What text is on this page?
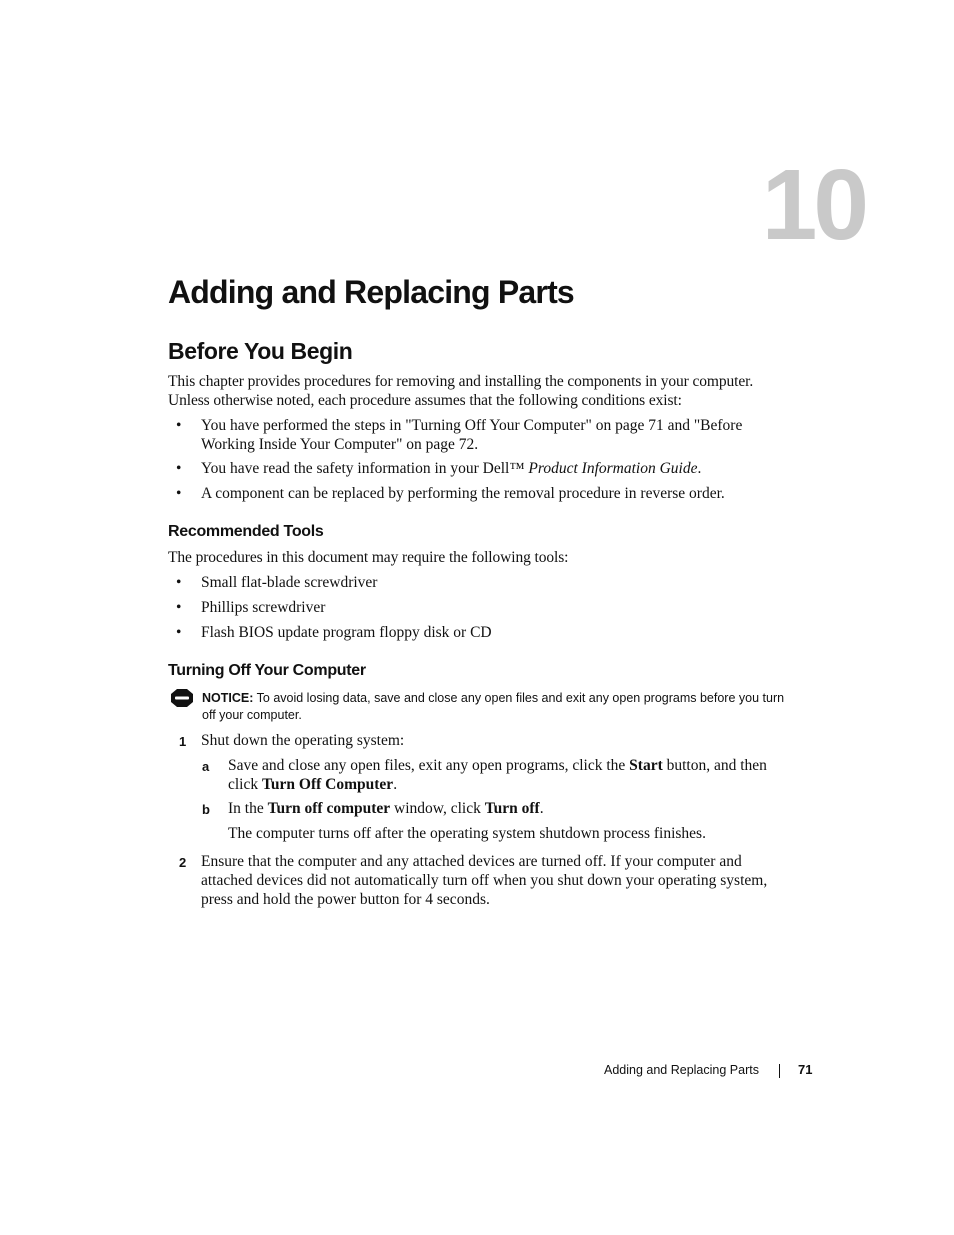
10
Adding and Replacing Parts
Before You Begin

This chapter provides procedures for removing and installing the components in your computer. Unless otherwise noted, each procedure assumes that the following conditions exist:

• You have performed the steps in "Turning Off Your Computer" on page 71 and "Before Working Inside Your Computer" on page 72.
• You have read the safety information in your Dell™ Product Information Guide.
• A component can be replaced by performing the removal procedure in reverse order.
Recommended Tools

The procedures in this document may require the following tools:

• Small flat-blade screwdriver
• Phillips screwdriver
• Flash BIOS update program floppy disk or CD
Turning Off Your Computer
NOTICE: To avoid losing data, save and close any open files and exit any open programs before you turn off your computer.
1 Shut down the operating system:
a Save and close any open files, exit any open programs, click the Start button, and then click Turn Off Computer.
b In the Turn off computer window, click Turn off.
The computer turns off after the operating system shutdown process finishes.
2 Ensure that the computer and any attached devices are turned off. If your computer and attached devices did not automatically turn off when you shut down your operating system, press and hold the power button for 4 seconds.
Adding and Replacing Parts	71
